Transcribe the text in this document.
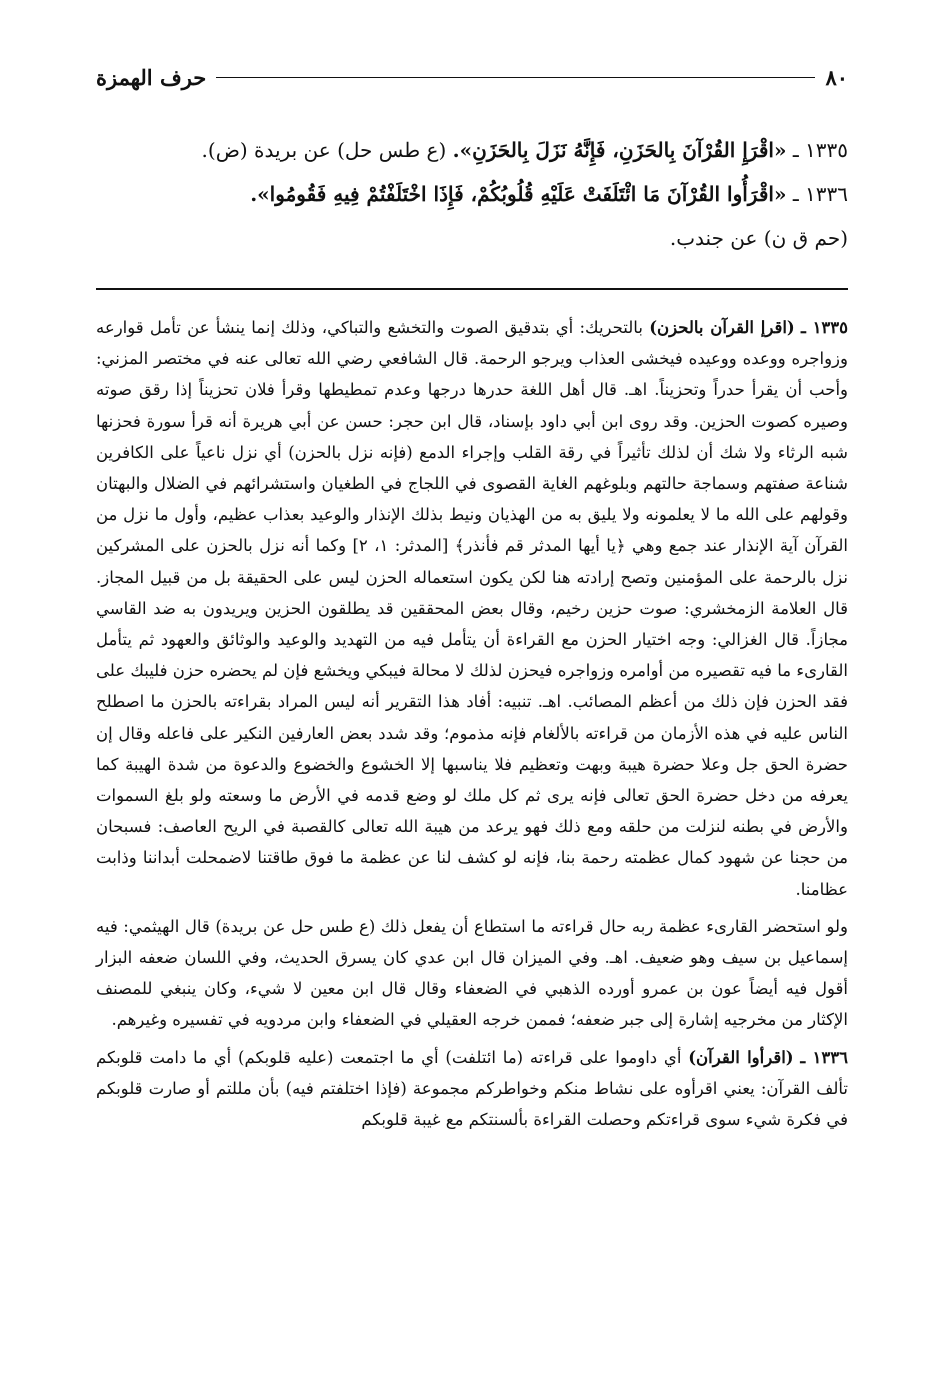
٨٠
حرف الهمزة
١٣٣٥ ـ «اقْرَإِ القُرْآنَ بِالحَزَنِ، فَإِنَّهُ نَزَلَ بِالحَزَنِ». (ع طس حل) عن بريدة (ض).
١٣٣٦ ـ «اقْرَأُوا القُرْآنَ مَا ائْتَلَفَتْ عَلَيْهِ قُلُوبُكُمْ، فَإِذَا اخْتَلَفْتُمْ فِيهِ فَقُومُوا».
(حم ق ن) عن جندب.

١٣٣٥ ـ (اقرإ القرآن بالحزن) بالتحريك: أي بتدقيق الصوت والتخشع والتباكي، وذلك إنما ينشأ عن تأمل قوارعه وزواجره ووعده ووعيده فيخشى العذاب ويرجو الرحمة. قال الشافعي رضي الله تعالى عنه في مختصر المزني: وأحب أن يقرأ حدراً وتحزيناً. اهـ. قال أهل اللغة حدرها درجها وعدم تمطيطها وقرأ فلان تحزيناً إذا رقق صوته وصيره كصوت الحزين. وقد روى ابن أبي داود بإسناد، قال ابن حجر: حسن عن أبي هريرة أنه قرأ سورة فحزنها شبه الرثاء ولا شك أن لذلك تأثيراً في رقة القلب وإجراء الدمع (فإنه نزل بالحزن) أي نزل ناعياً على الكافرين شناعة صفتهم وسماجة حالتهم وبلوغهم الغاية القصوى في اللجاج في الطغيان واستشرائهم في الضلال والبهتان وقولهم على الله ما لا يعلمونه ولا يليق به من الهذيان ونيط بذلك الإنذار والوعيد بعذاب عظيم، وأول ما نزل من القرآن آية الإنذار عند جمع وهي ﴿يا أيها المدثر قم فأنذر﴾ [المدثر: ١، ٢] وكما أنه نزل بالحزن على المشركين نزل بالرحمة على المؤمنين وتصح إرادته هنا لكن يكون استعماله الحزن ليس على الحقيقة بل من قبيل المجاز. قال العلامة الزمخشري: صوت حزين رخيم، وقال بعض المحققين قد يطلقون الحزين ويريدون به ضد القاسي مجازاً. قال الغزالي: وجه اختيار الحزن مع القراءة أن يتأمل فيه من التهديد والوعيد والوثائق والعهود ثم يتأمل القارىء ما فيه تقصيره من أوامره وزواجره فيحزن لذلك لا محالة فيبكي ويخشع فإن لم يحضره حزن فليبك على فقد الحزن فإن ذلك من أعظم المصائب. اهـ. تنبيه: أفاد هذا التقرير أنه ليس المراد بقراءته بالحزن ما اصطلح الناس عليه في هذه الأزمان من قراءته بالألغام فإنه مذموم؛ وقد شدد بعض العارفين النكير على فاعله وقال إن حضرة الحق جل وعلا حضرة هيبة وبهت وتعظيم فلا يناسبها إلا الخشوع والخضوع والدعوة من شدة الهيبة كما يعرفه من دخل حضرة الحق تعالى فإنه يرى ثم كل ملك لو وضع قدمه في الأرض ما وسعته ولو بلغ السموات والأرض في بطنه لنزلت من حلقه ومع ذلك فهو يرعد من هيبة الله تعالى كالقصبة في الريح العاصف: فسبحان من حجنا عن شهود كمال عظمته رحمة بنا، فإنه لو كشف لنا عن عظمة ما فوق طاقتنا لاضمحلت أبداننا وذابت عظامنا.

ولو استحضر القارىء عظمة ربه حال قراءته ما استطاع أن يفعل ذلك (ع طس حل عن بريدة) قال الهيثمي: فيه إسماعيل بن سيف وهو ضعيف. اهـ. وفي الميزان قال ابن عدي كان يسرق الحديث، وفي اللسان ضعفه البزار أقول فيه أيضاً عون بن عمرو أورده الذهبي في الضعفاء وقال قال ابن معين لا شيء، وكان ينبغي للمصنف الإكثار من مخرجيه إشارة إلى جبر ضعفه؛ فممن خرجه العقيلي في الضعفاء وابن مردويه في تفسيره وغيرهم.

١٣٣٦ ـ (اقرأوا القرآن) أي داوموا على قراءته (ما ائتلفت) أي ما اجتمعت (عليه قلوبكم) أي ما دامت قلوبكم تألف القرآن: يعني اقرأوه على نشاط منكم وخواطركم مجموعة (فإذا اختلفتم فيه) بأن مللتم أو صارت قلوبكم في فكرة شيء سوى قراءتكم وحصلت القراءة بألسنتكم مع غيبة قلوبكم
